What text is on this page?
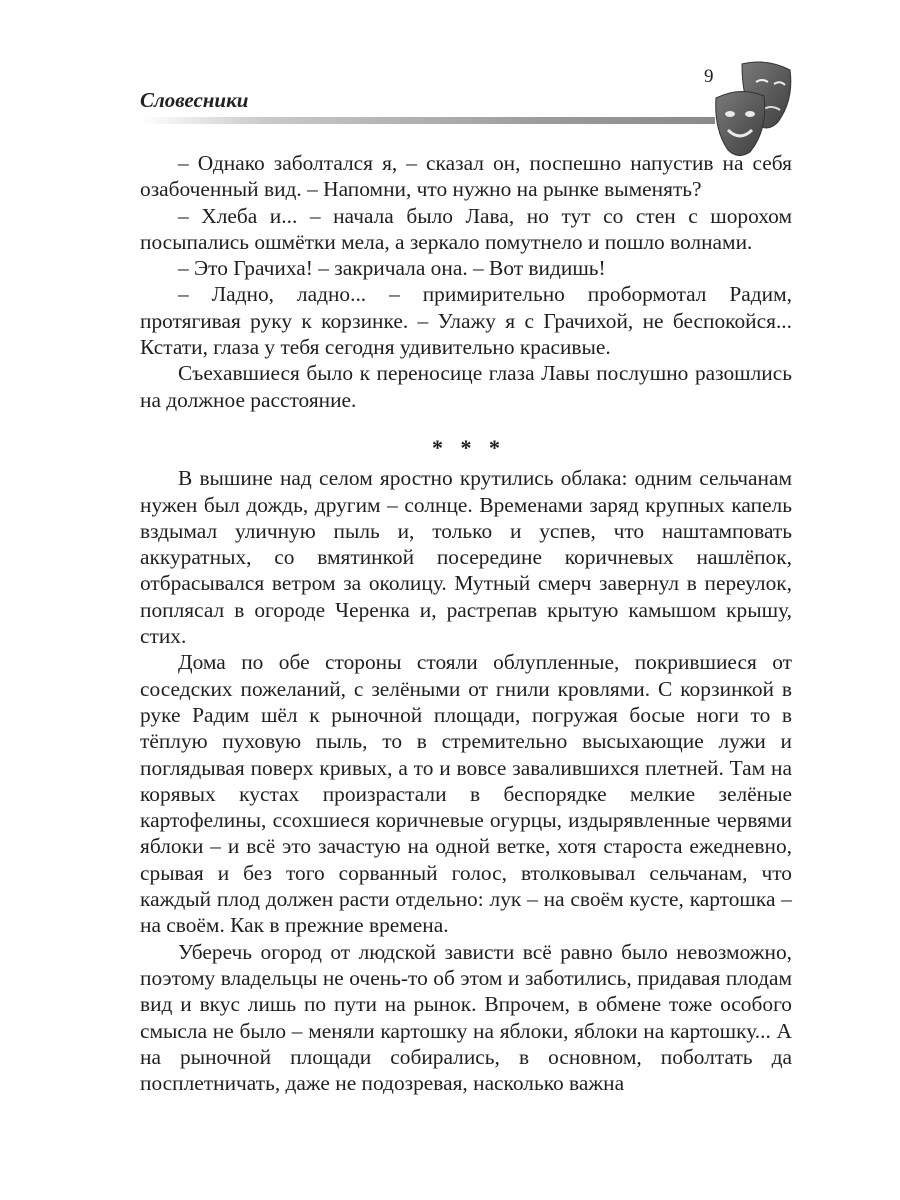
Словесники
9

– Однако заболтался я, – сказал он, поспешно напустив на себя озабоченный вид. – Напомни, что нужно на рынке выменять?

– Хлеба и... – начала было Лава, но тут со стен с шорохом посыпались ошмётки мела, а зеркало помутнело и пошло волнами.

– Это Грачиха! – закричала она. – Вот видишь!

– Ладно, ладно... – примирительно пробормотал Радим, протягивая руку к корзинке. – Улажу я с Грачихой, не беспокойся... Кстати, глаза у тебя сегодня удивительно красивые.

Съехавшиеся было к переносице глаза Лавы послушно разошлись на должное расстояние.

* * *

В вышине над селом яростно крутились облака: одним сельчанам нужен был дождь, другим – солнце. Временами заряд крупных капель вздымал уличную пыль и, только и успев, что наштамповать аккуратных, со вмятинкой посередине коричневых нашлёпок, отбрасывался ветром за околицу. Мутный смерч завернул в переулок, поплясал в огороде Черенка и, растрепав крытую камышом крышу, стих.

Дома по обе стороны стояли облупленные, покрившиеся от соседских пожеланий, с зелёными от гнили кровлями. С корзинкой в руке Радим шёл к рыночной площади, погружая босые ноги то в тёплую пуховую пыль, то в стремительно высыхающие лужи и поглядывая поверх кривых, а то и вовсе завалившихся плетней. Там на корявых кустах произрастали в беспорядке мелкие зелёные картофелины, ссохшиеся коричневые огурцы, издырявленные червями яблоки – и всё это зачастую на одной ветке, хотя староста ежедневно, срывая и без того сорванный голос, втолковывал сельчанам, что каждый плод должен расти отдельно: лук – на своём кусте, картошка – на своём. Как в прежние времена.

Уберечь огород от людской зависти всё равно было невозможно, поэтому владельцы не очень-то об этом и заботились, придавая плодам вид и вкус лишь по пути на рынок. Впрочем, в обмене тоже особого смысла не было – меняли картошку на яблоки, яблоки на картошку... А на рыночной площади собирались, в основном, поболтать да посплетничать, даже не подозревая, насколько важна
